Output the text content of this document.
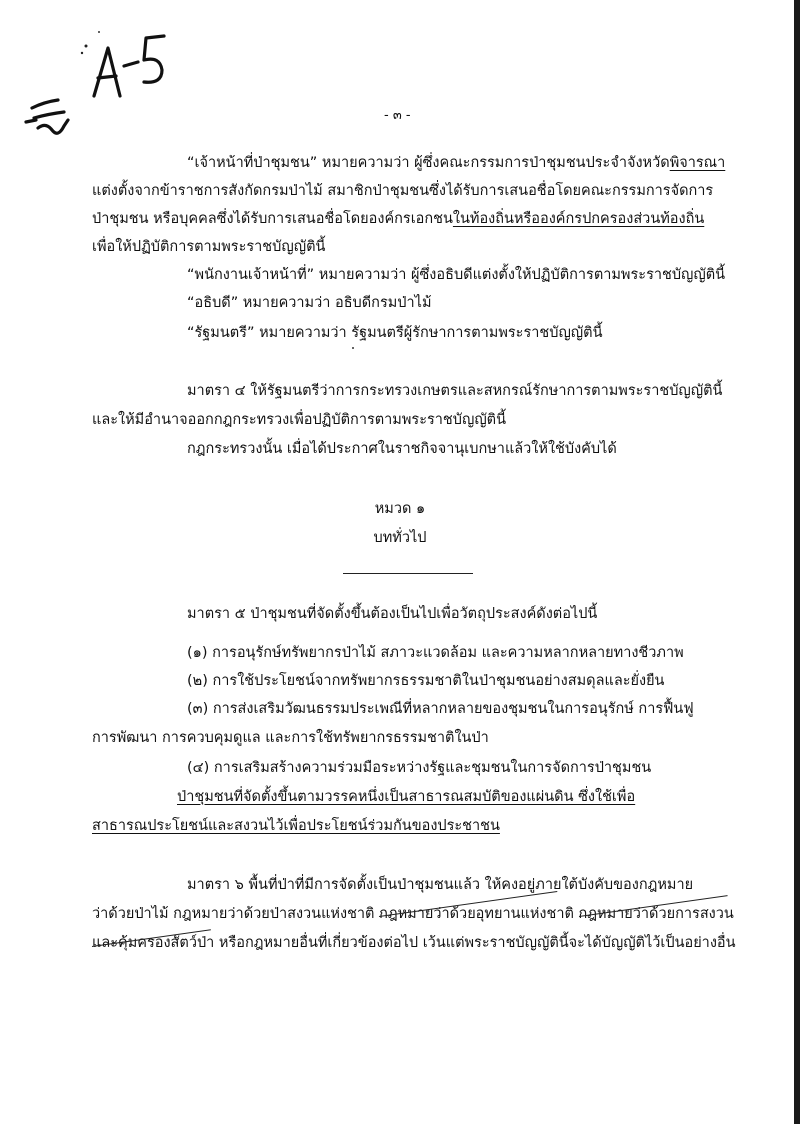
- ๓ -
“เจ้าหน้าที่ป่าชุมชน” หมายความว่า ผู้ซึ่งคณะกรรมการป่าชุมชนประจำจังหวัดพิจารณา
แต่งตั้งจากข้าราชการสังกัดกรมป่าไม้ สมาชิกป่าชุมชนซึ่งได้รับการเสนอชื่อโดยคณะกรรมการจัดการ
ป่าชุมชน หรือบุคคลซึ่งได้รับการเสนอชื่อโดยองค์กรเอกชนในท้องถิ่นหรือองค์กรปกครองส่วนท้องถิ่น
เพื่อให้ปฏิบัติการตามพระราชบัญญัตินี้
“พนักงานเจ้าหน้าที่” หมายความว่า ผู้ซึ่งอธิบดีแต่งตั้งให้ปฏิบัติการตามพระราชบัญญัตินี้
“อธิบดี” หมายความว่า อธิบดีกรมป่าไม้
“รัฐมนตรี” หมายความว่า รัฐมนตรีผู้รักษาการตามพระราชบัญญัตินี้
มาตรา ๔ ให้รัฐมนตรีว่าการกระทรวงเกษตรและสหกรณ์รักษาการตามพระราชบัญญัตินี้
และให้มีอำนาจออกกฎกระทรวงเพื่อปฏิบัติการตามพระราชบัญญัตินี้
กฎกระทรวงนั้น เมื่อได้ประกาศในราชกิจจานุเบกษาแล้วให้ใช้บังคับได้
หมวด ๑
บททั่วไป
มาตรา ๕ ป่าชุมชนที่จัดตั้งขึ้นต้องเป็นไปเพื่อวัตถุประสงค์ดังต่อไปนี้
(๑) การอนุรักษ์ทรัพยากรป่าไม้ สภาวะแวดล้อม และความหลากหลายทางชีวภาพ
(๒) การใช้ประโยชน์จากทรัพยากรธรรมชาติในป่าชุมชนอย่างสมดุลและยั่งยืน
(๓) การส่งเสริมวัฒนธรรมประเพณีที่หลากหลายของชุมชนในการอนุรักษ์ การฟื้นฟู
การพัฒนา การควบคุมดูแล และการใช้ทรัพยากรธรรมชาติในป่า
(๔) การเสริมสร้างความร่วมมือระหว่างรัฐและชุมชนในการจัดการป่าชุมชน
ป่าชุมชนที่จัดตั้งขึ้นตามวรรคหนึ่งเป็นสาธารณสมบัติของแผ่นดิน ซึ่งใช้เพื่อ
สาธารณประโยชน์และสงวนไว้เพื่อประโยชน์ร่วมกันของประชาชน
มาตรา ๖ พื้นที่ป่าที่มีการจัดตั้งเป็นป่าชุมชนแล้ว ให้คงอยู่ภายใต้บังคับของกฎหมาย
ว่าด้วยป่าไม้ กฎหมายว่าด้วยป่าสงวนแห่งชาติ กฎหมายว่าด้วยอุทยานแห่งชาติ กฎหมายว่าด้วยการสงวน
และคุ้มครองสัตว์ป่า หรือกฎหมายอื่นที่เกี่ยวข้องต่อไป เว้นแต่พระราชบัญญัตินี้จะได้บัญญัติไว้เป็นอย่างอื่น
